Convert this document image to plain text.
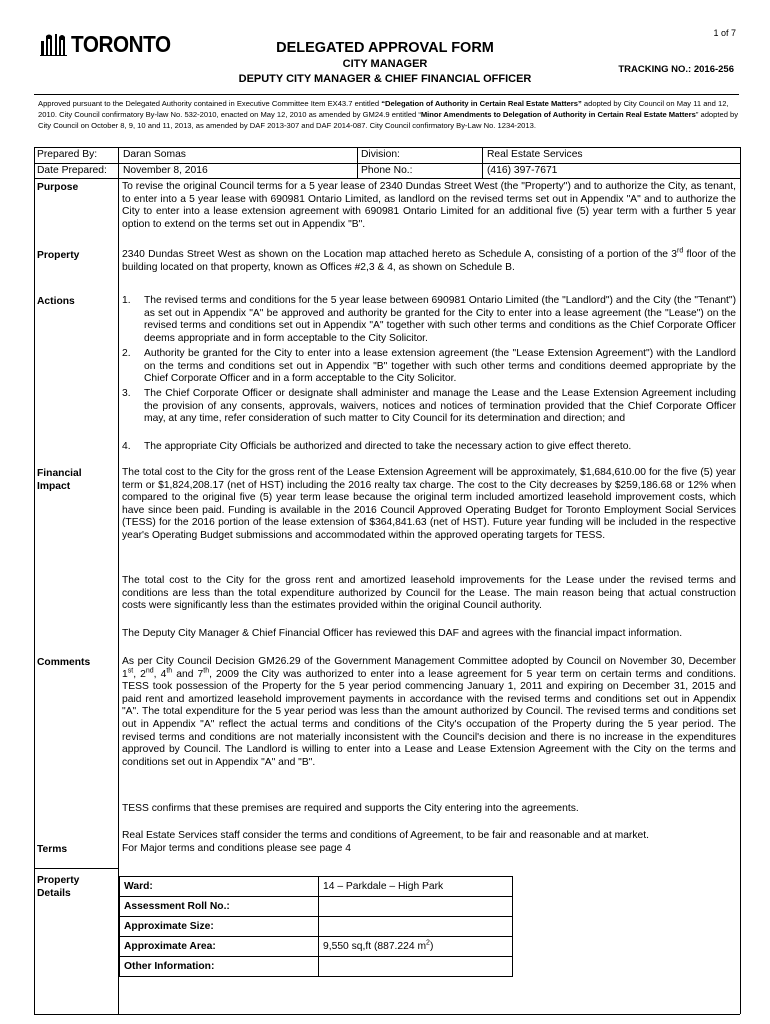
1 of 7
TORONTO	DELEGATED APPROVAL FORM
CITY MANAGER
DEPUTY CITY MANAGER & CHIEF FINANCIAL OFFICER
TRACKING NO.: 2016-256
Approved pursuant to the Delegated Authority contained in Executive Committee Item EX43.7 entitled “Delegation of Authority in Certain Real Estate Matters” adopted by City Council on May 11 and 12, 2010. City Council confirmatory By-law No. 532-2010, enacted on May 12, 2010 as amended by GM24.9 entitled “Minor Amendments to Delegation of Authority in Certain Real Estate Matters” adopted by City Council on October 8, 9, 10 and 11, 2013, as amended by DAF 2013-307 and DAF 2014-087. City Council confirmatory By-Law No. 1234-2013.
Prepared By:	Daran Somas	Division:	Real Estate Services
Date Prepared: November 8, 2016	Phone No.:	(416) 397-7671
Purpose	To revise the original Council terms for a 5 year lease of 2340 Dundas Street West (the "Property") and to authorize the City, as tenant, to enter into a 5 year lease with 690981 Ontario Limited, as landlord on the revised terms set out in Appendix "A" and to authorize the City to enter into a lease extension agreement with 690981 Ontario Limited for an additional five (5) year term with a further 5 year option to extend on the terms set out in Appendix "B".
Property	2340 Dundas Street West as shown on the Location map attached hereto as Schedule A, consisting of a portion of the 3rd floor of the building located on that property, known as Offices #2,3 & 4, as shown on Schedule B.
Actions	1.	The revised terms and conditions for the 5 year lease between 690981 Ontario Limited (the "Landlord") and the City (the "Tenant") as set out in Appendix "A" be approved and authority be granted for the City to enter into a lease agreement (the "Lease") on the revised terms and conditions set out in Appendix "A" together with such other terms and conditions as the Chief Corporate Officer deems appropriate and in form acceptable to the City Solicitor.
2.	Authority be granted for the City to enter into a lease extension agreement (the "Lease Extension Agreement") with the Landlord on the terms and conditions set out in Appendix "B" together with such other terms and conditions deemed appropriate by the Chief Corporate Officer and in a form acceptable to the City Solicitor.
3.	The Chief Corporate Officer or designate shall administer and manage the Lease and the Lease Extension Agreement including the provision of any consents, approvals, waivers, notices and notices of termination provided that the Chief Corporate Officer may, at any time, refer consideration of such matter to City Council for its determination and direction; and
4.	The appropriate City Officials be authorized and directed to take the necessary action to give effect thereto.
Financial
Impact
The total cost to the City for the gross rent of the Lease Extension Agreement will be approximately, $1,684,610.00 for the five (5) year term or $1,824,208.17 (net of HST) including the 2016 realty tax charge. The cost to the City decreases by $259,186.68 or 12% when compared to the original five (5) year term lease because the original term included amortized leasehold improvement costs, which have since been paid. Funding is available in the 2016 Council Approved Operating Budget for Toronto Employment Social Services (TESS) for the 2016 portion of the lease extension of $364,841.63 (net of HST). Future year funding will be included in the respective year's Operating Budget submissions and accommodated within the approved operating targets for TESS.
The total cost to the City for the gross rent and amortized leasehold improvements for the Lease under the revised terms and conditions are less than the total expenditure authorized by Council for the Lease. The main reason being that actual construction costs were significantly less than the estimates provided within the original Council authority.
The Deputy City Manager & Chief Financial Officer has reviewed this DAF and agrees with the financial impact information.
Comments	As per City Council Decision GM26.29 of the Government Management Committee adopted by Council on November 30, December 1st, 2nd, 4th and 7th, 2009 the City was authorized to enter into a lease agreement for 5 year term on certain terms and conditions. TESS took possession of the Property for the 5 year period commencing January 1, 2011 and expiring on December 31, 2015 and paid rent and amortized leasehold improvement payments in accordance with the revised terms and conditions set out in Appendix "A". The total expenditure for the 5 year period was less than the amount authorized by Council. The revised terms and conditions set out in Appendix "A" reflect the actual terms and conditions of the City's occupation of the Property during the 5 year period. The revised terms and conditions are not materially inconsistent with the Council's decision and there is no increase in the expenditures approved by Council. The Landlord is willing to enter into a Lease and Lease Extension Agreement with the City on the terms and conditions set out in Appendix "A" and "B".
TESS confirms that these premises are required and supports the City entering into the agreements.
Terms
Real Estate Services staff consider the terms and conditions of Agreement, to be fair and reasonable and at market.
For Major terms and conditions please see page 4
Property
Details
Ward:	14 – Parkdale – High Park
Assessment Roll No.:	
Approximate Size:	
Approximate Area:	9,550 sq,ft (887.224 $m^2$)
Other Information:	
